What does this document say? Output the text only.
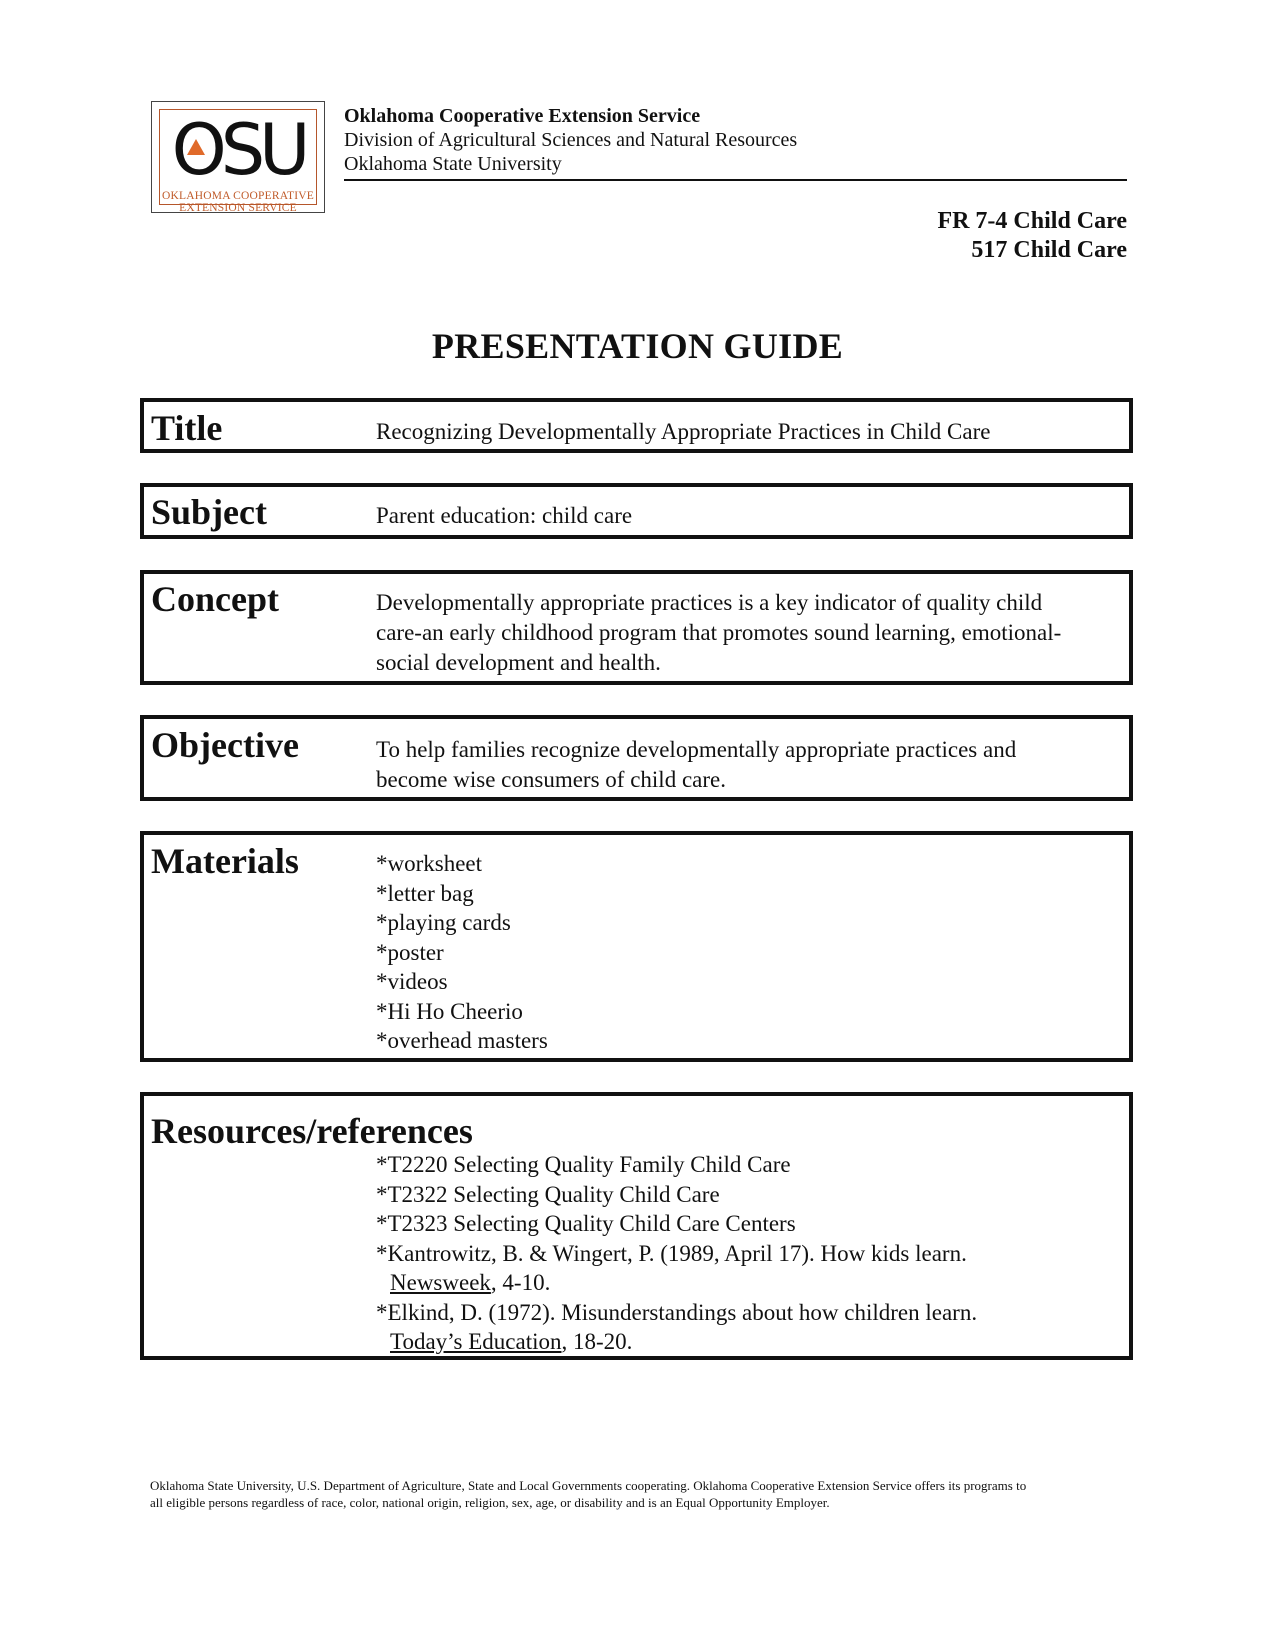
O
SU
OKLAHOMA COOPERATIVE
EXTENSION SERVICE
Oklahoma Cooperative Extension Service
Division of Agricultural Sciences and Natural Resources
Oklahoma State University
FR 7-4 Child Care
517 Child Care
PRESENTATION GUIDE
Title	Recognizing Developmentally Appropriate Practices in Child Care
Subject	Parent education: child care
Concept	Developmentally appropriate practices is a key indicator of quality child
care-an early childhood program that promotes sound learning, emotional-
social development and health.
Objective	To help families recognize developmentally appropriate practices and
become wise consumers of child care.
Materials	*worksheet
*letter bag
*playing cards
*poster
*videos
*Hi Ho Cheerio
*overhead masters
Resources/references
*T2220 Selecting Quality Family Child Care
*T2322 Selecting Quality Child Care
*T2323 Selecting Quality Child Care Centers
*Kantrowitz, B. & Wingert, P. (1989, April 17). How kids learn.
Newsweek, 4-10.
*Elkind, D. (1972). Misunderstandings about how children learn.
Today’s Education, 18-20.
Oklahoma State University, U.S. Department of Agriculture, State and Local Governments cooperating. Oklahoma Cooperative Extension Service offers its programs to
all eligible persons regardless of race, color, national origin, religion, sex, age, or disability and is an Equal Opportunity Employer.
